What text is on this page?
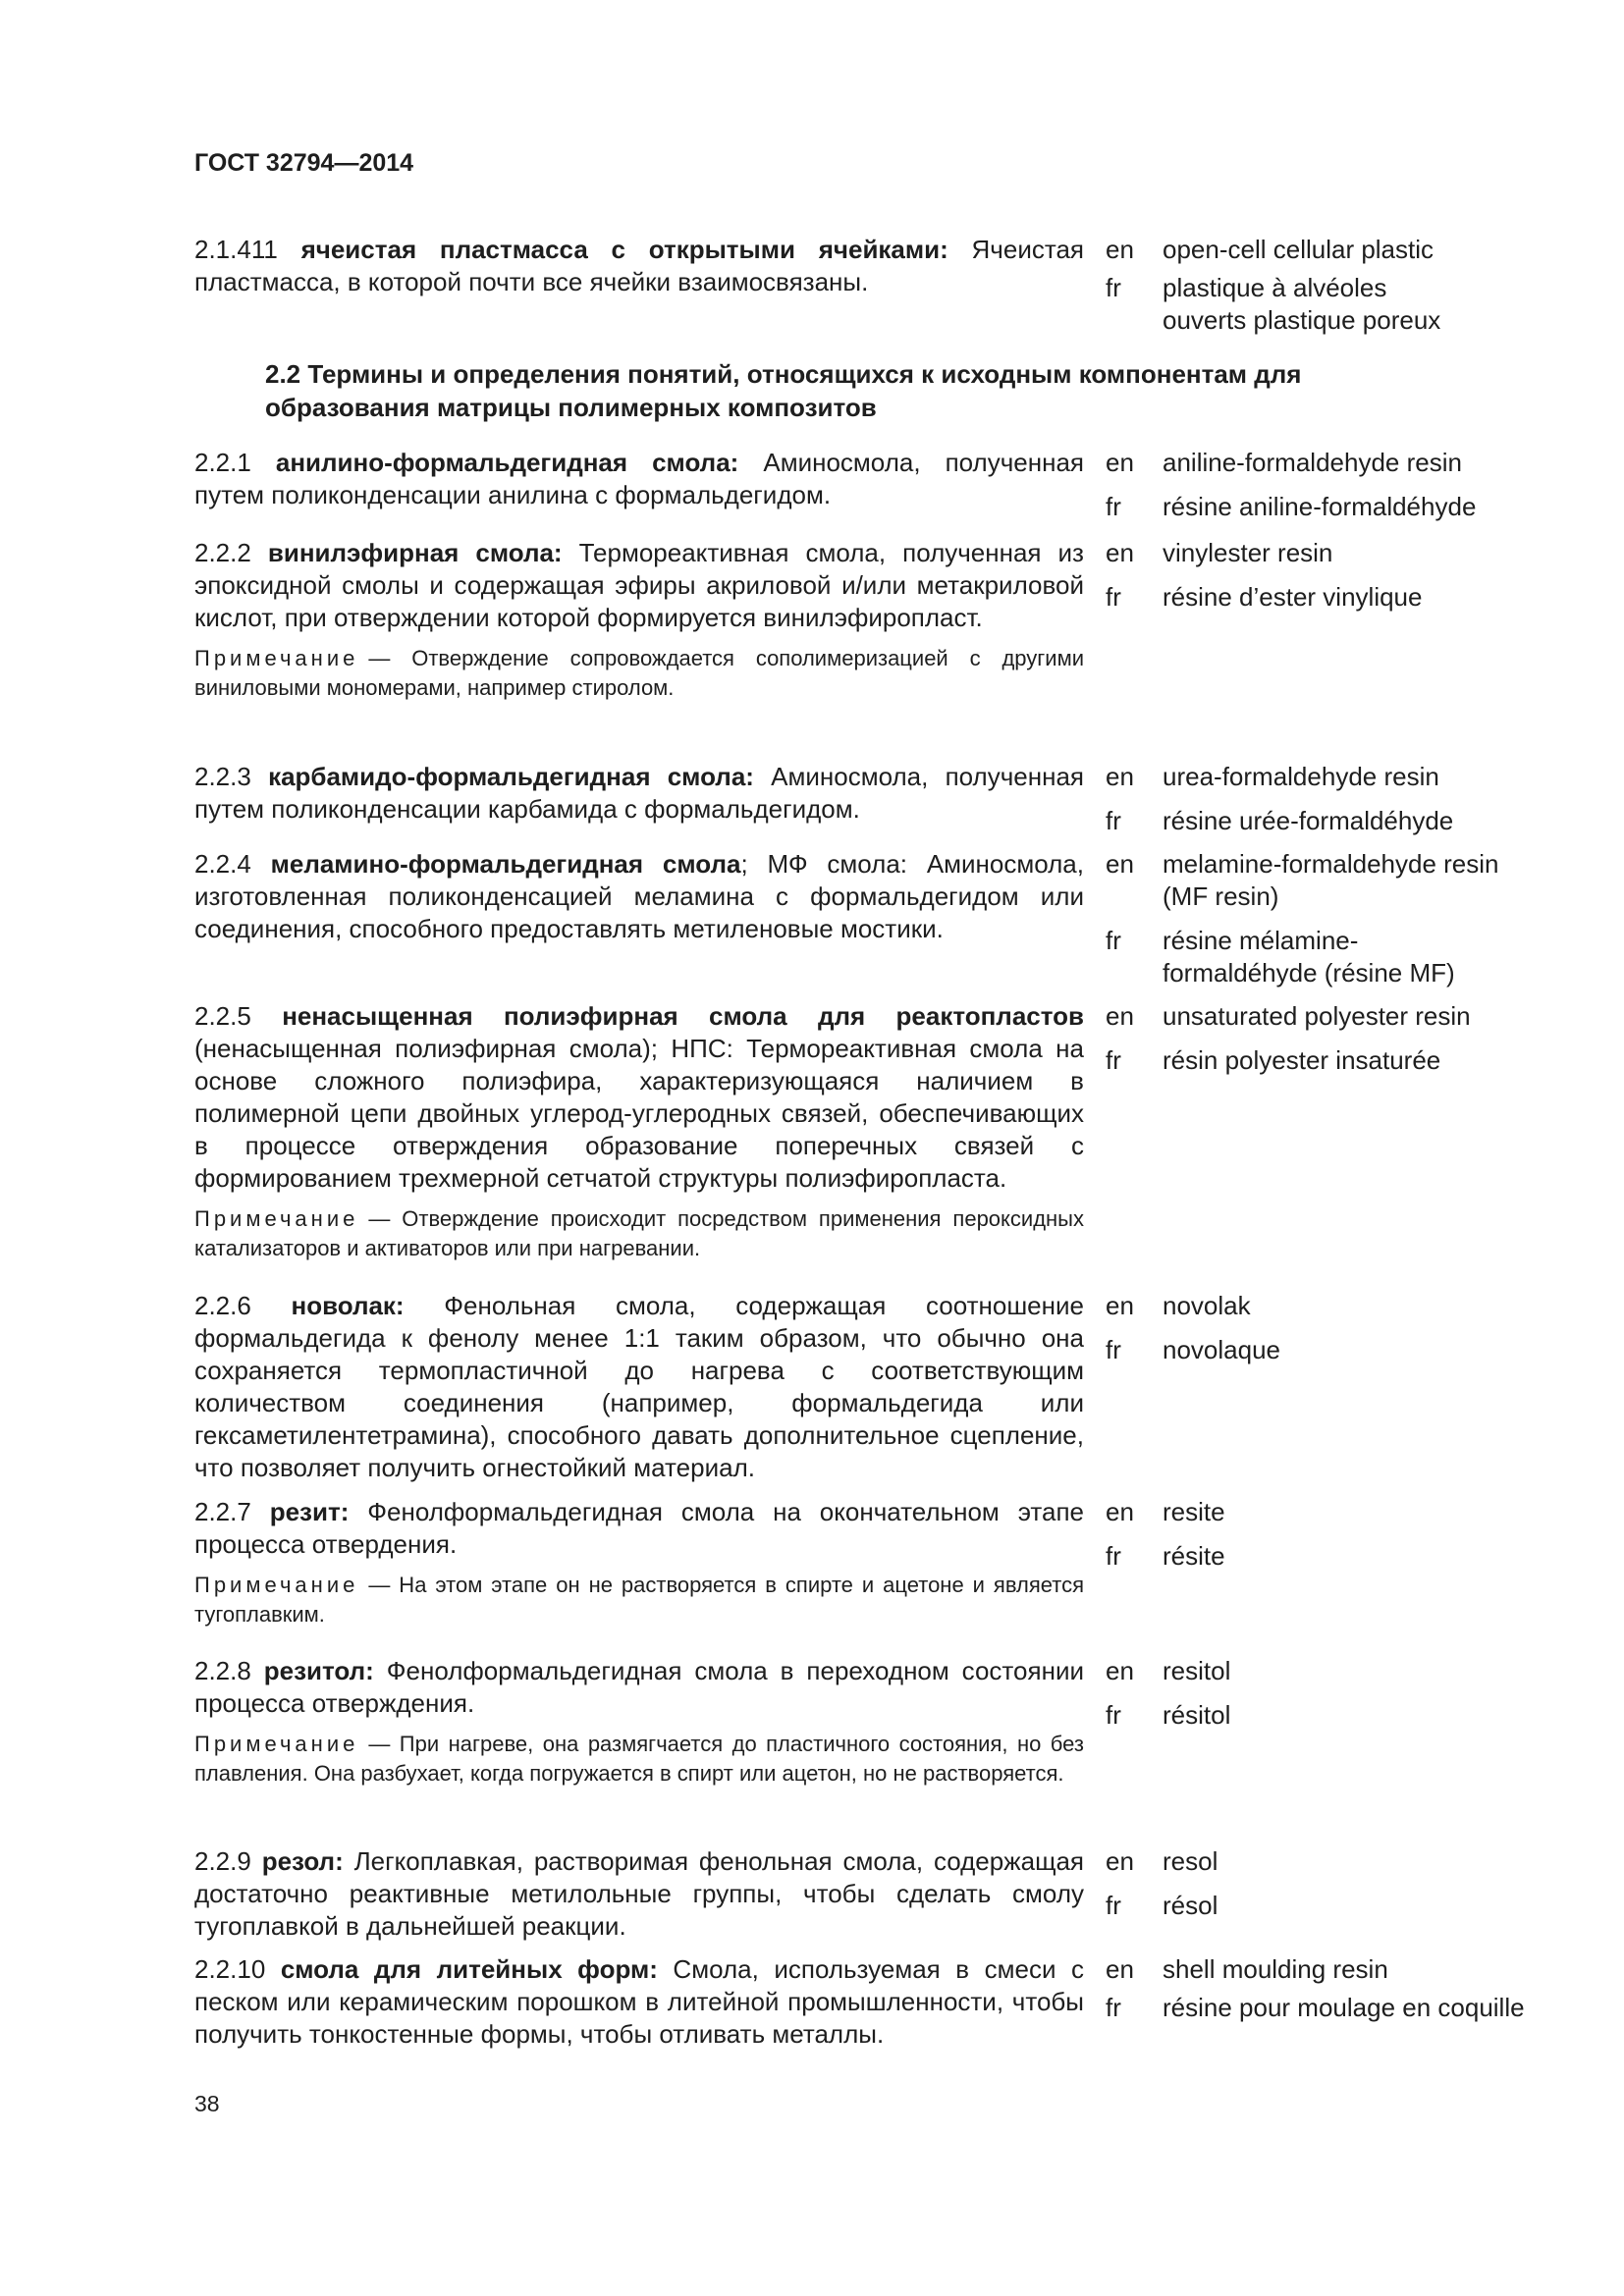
ГОСТ 32794—2014
2.1.411 ячеистая пластмасса с открытыми ячейками: Ячеистая пластмасса, в которой почти все ячейки взаимосвязаны.
en	open-cell cellular plastic
fr	plastique à alvéoles ouverts plastique poreux
2.2 Термины и определения понятий, относящихся к исходным компонентам для образования матрицы полимерных композитов
2.2.1 анилино-формальдегидная смола: Аминосмола, полученная путем поликонденсации анилина с формальдегидом.
en	aniline-formaldehyde resin
fr	résine aniline-formaldéhyde
2.2.2 винилэфирная смола: Термореактивная смола, полученная из эпоксидной смолы и содержащая эфиры акриловой и/или метакриловой кислот, при отверждении которой формируется винилэфиропласт.
Примечание — Отверждение сопровождается сополимеризацией с другими виниловыми мономерами, например стиролом.
en	vinylester resin
fr	résine d’ester vinylique
2.2.3 карбамидо-формальдегидная смола: Аминосмола, полученная путем поликонденсации карбамида с формальдегидом.
en	urea-formaldehyde resin
fr	résine urée-formaldéhyde
2.2.4 меламино-формальдегидная смола; МФ смола: Аминосмола, изготовленная поликонденсацией меламина с формальдегидом или соединения, способного предоставлять метиленовые мостики.
en	melamine-formaldehyde resin (MF resin)
fr	résine mélamine-formaldéhyde (résine MF)
2.2.5 ненасыщенная полиэфирная смола для реактопластов (ненасыщенная полиэфирная смола); НПС: Термореактивная смола на основе сложного полиэфира, характеризующаяся наличием в полимерной цепи двойных углерод-углеродных связей, обеспечивающих в процессе отверждения образование поперечных связей с формированием трехмерной сетчатой структуры полиэфиропласта.
Примечание — Отверждение происходит посредством применения пероксидных катализаторов и активаторов или при нагревании.
en	unsaturated polyester resin
fr	résin polyester insaturée
2.2.6 новолак: Фенольная смола, содержащая соотношение формальдегида к фенолу менее 1:1 таким образом, что обычно она сохраняется термопластичной до нагрева с соответствующим количеством соединения (например, формальдегида или гексаметилентетрамина), способного давать дополнительное сцепление, что позволяет получить огнестойкий материал.
en	novolak
fr	novolaque
2.2.7 резит: Фенолформальдегидная смола на окончательном этапе процесса отвердения.
Примечание — На этом этапе он не растворяется в спирте и ацетоне и является тугоплавким.
en	resite
fr	résite
2.2.8 резитол: Фенолформальдегидная смола в переходном состоянии процесса отверждения.
Примечание — При нагреве, она размягчается до пластичного состояния, но без плавления. Она разбухает, когда погружается в спирт или ацетон, но не растворяется.
en	resitol
fr	résitol
2.2.9 резол: Легкоплавкая, растворимая фенольная смола, содержащая достаточно реактивные метилольные группы, чтобы сделать смолу тугоплавкой в дальнейшей реакции.
en	resol
fr	résol
2.2.10 смола для литейных форм: Смола, используемая в смеси с песком или керамическим порошком в литейной промышленности, чтобы получить тонкостенные формы, чтобы отливать металлы.
en	shell moulding resin
fr	résine pour moulage en coquille
38
